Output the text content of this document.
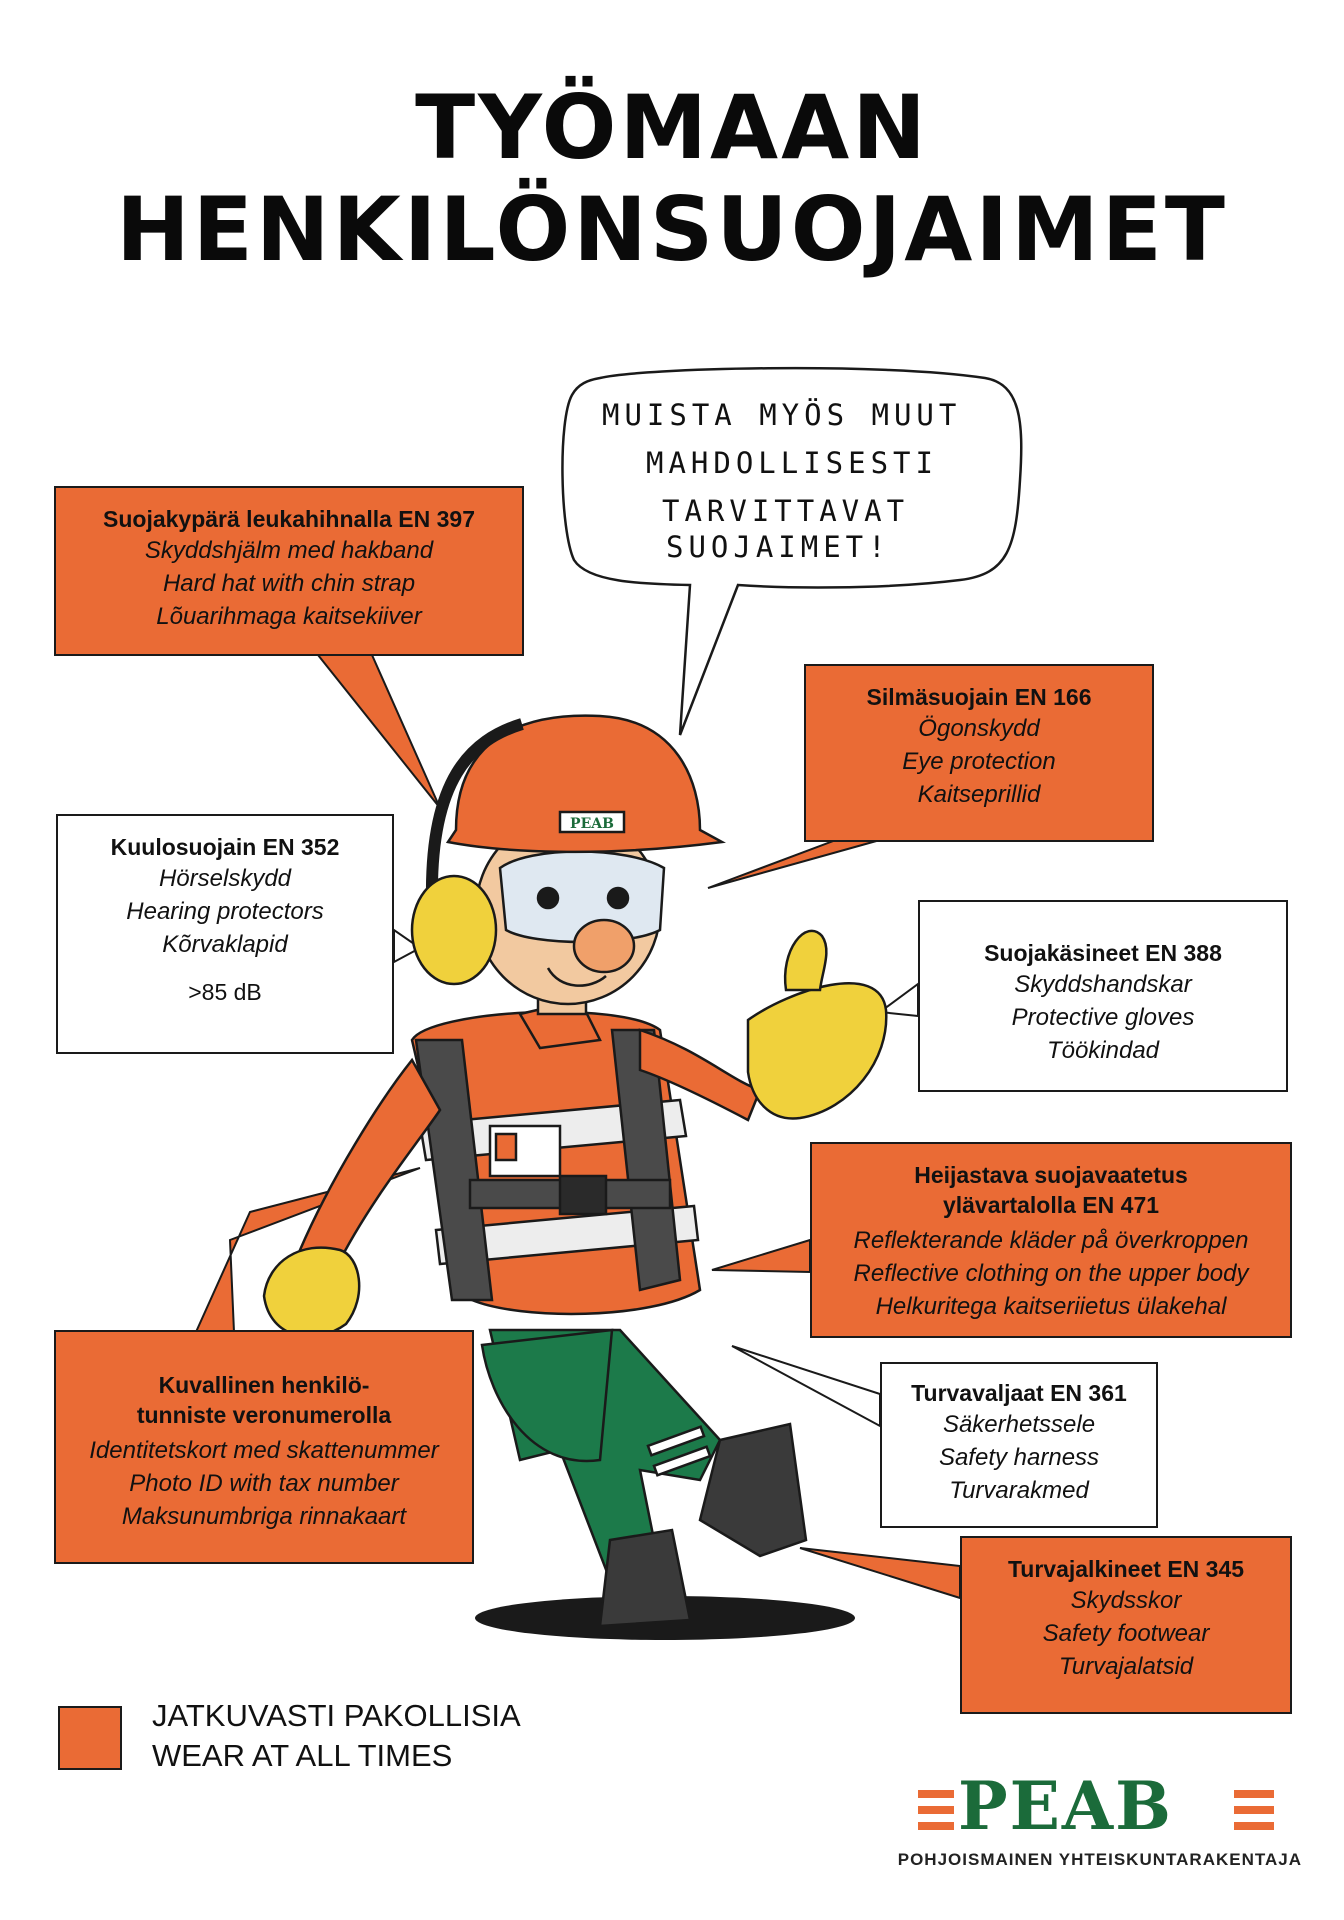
TYÖMAAN
HENKILÖNSUOJAIMET
PEAB
MUISTA MYÖS MUUT
MAHDOLLISESTI
TARVITTAVAT
SUOJAIMET!
Suojakypärä leukahihnalla EN 397
Skyddshjälm med hakband
Hard hat with chin strap
Lõuarihmaga kaitsekiiver
Silmäsuojain EN 166
Ögonskydd
Eye protection
Kaitseprillid
Kuulosuojain EN 352
Hörselskydd
Hearing protectors
Kõrvaklapid
>85 dB
Suojakäsineet EN 388
Skyddshandskar
Protective gloves
Töökindad
Heijastava suojavaatetus
ylävartalolla EN 471
Reflekterande kläder på överkroppen
Reflective clothing on the upper body
Helkuritega kaitseriietus ülakehal
Kuvallinen henkilö-
tunniste veronumerolla
Identitetskort med skattenummer
Photo ID with tax number
Maksunumbriga rinnakaart
Turvavaljaat EN 361
Säkerhetssele
Safety harness
Turvarakmed
Turvajalkineet EN 345
Skydsskor
Safety footwear
Turvajalatsid
JATKUVASTI PAKOLLISIA
WEAR AT ALL TIMES
PEAB
POHJOISMAINEN YHTEISKUNTARAKENTAJA
